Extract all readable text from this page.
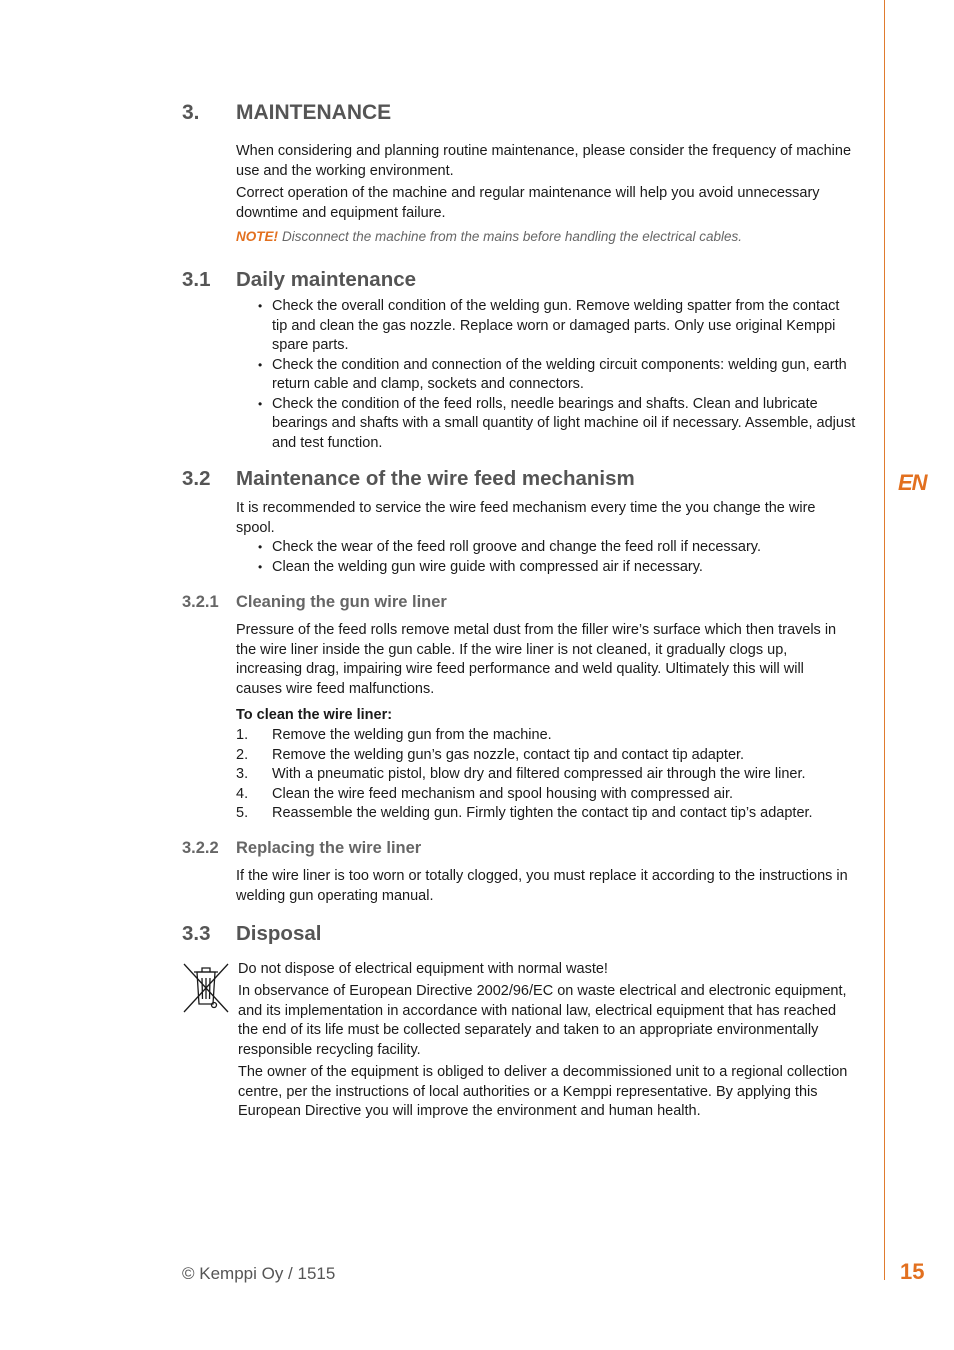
EN
3. MAINTENANCE
When considering and planning routine maintenance, please consider the frequency of machine use and the working environment.
Correct operation of the machine and regular maintenance will help you avoid unnecessary downtime and equipment failure.
NOTE! Disconnect the machine from the mains before handling the electrical cables.
3.1 Daily maintenance
• Check the overall condition of the welding gun. Remove welding spatter from the contact tip and clean the gas nozzle. Replace worn or damaged parts. Only use original Kemppi spare parts.
• Check the condition and connection of the welding circuit components: welding gun, earth return cable and clamp, sockets and connectors.
• Check the condition of the feed rolls, needle bearings and shafts. Clean and lubricate bearings and shafts with a small quantity of light machine oil if necessary. Assemble, adjust and test function.
3.2 Maintenance of the wire feed mechanism
It is recommended to service the wire feed mechanism every time the you change the wire spool.
• Check the wear of the feed roll groove and change the feed roll if necessary.
• Clean the welding gun wire guide with compressed air if necessary.
3.2.1 Cleaning the gun wire liner
Pressure of the feed rolls remove metal dust from the filler wire’s surface which then travels in the wire liner inside the gun cable. If the wire liner is not cleaned, it gradually clogs up, increasing drag, impairing wire feed performance and weld quality. Ultimately this will will causes wire feed malfunctions.
To clean the wire liner:
1. Remove the welding gun from the machine.
2. Remove the welding gun’s gas nozzle, contact tip and contact tip adapter.
3. With a pneumatic pistol, blow dry and filtered compressed air through the wire liner.
4. Clean the wire feed mechanism and spool housing with compressed air.
5. Reassemble the welding gun. Firmly tighten the contact tip and contact tip’s adapter.
3.2.2 Replacing the wire liner
If the wire liner is too worn or totally clogged, you must replace it according to the instructions in welding gun operating manual.
3.3 Disposal
Do not dispose of electrical equipment with normal waste!
In observance of European Directive 2002/96/EC on waste electrical and electronic equipment, and its implementation in accordance with national law, electrical equipment that has reached the end of its life must be collected separately and taken to an appropriate environmentally responsible recycling facility.
The owner of the equipment is obliged to deliver a decommissioned unit to a regional collection centre, per the instructions of local authorities or a Kemppi representative. By applying this European Directive you will improve the environment and human health.
© Kemppi Oy / 1515	15
